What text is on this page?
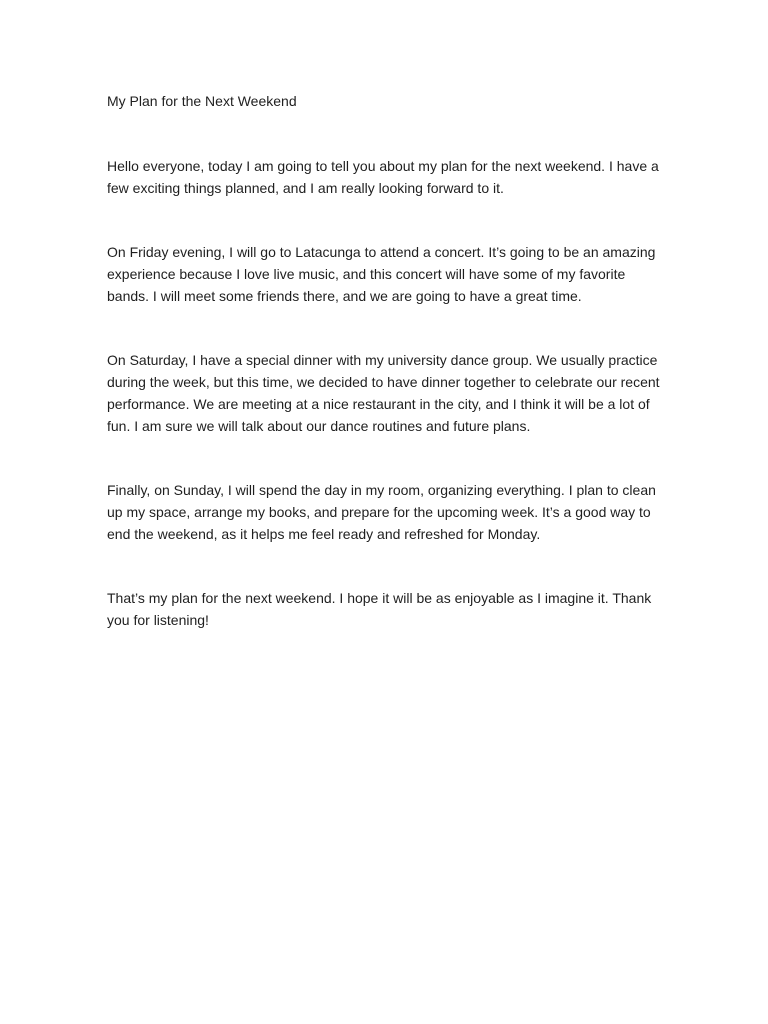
My Plan for the Next Weekend

Hello everyone, today I am going to tell you about my plan for the next weekend. I have a few exciting things planned, and I am really looking forward to it.

On Friday evening, I will go to Latacunga to attend a concert. It’s going to be an amazing experience because I love live music, and this concert will have some of my favorite bands. I will meet some friends there, and we are going to have a great time.

On Saturday, I have a special dinner with my university dance group. We usually practice during the week, but this time, we decided to have dinner together to celebrate our recent performance. We are meeting at a nice restaurant in the city, and I think it will be a lot of fun. I am sure we will talk about our dance routines and future plans.

Finally, on Sunday, I will spend the day in my room, organizing everything. I plan to clean up my space, arrange my books, and prepare for the upcoming week. It’s a good way to end the weekend, as it helps me feel ready and refreshed for Monday.

That’s my plan for the next weekend. I hope it will be as enjoyable as I imagine it. Thank you for listening!
